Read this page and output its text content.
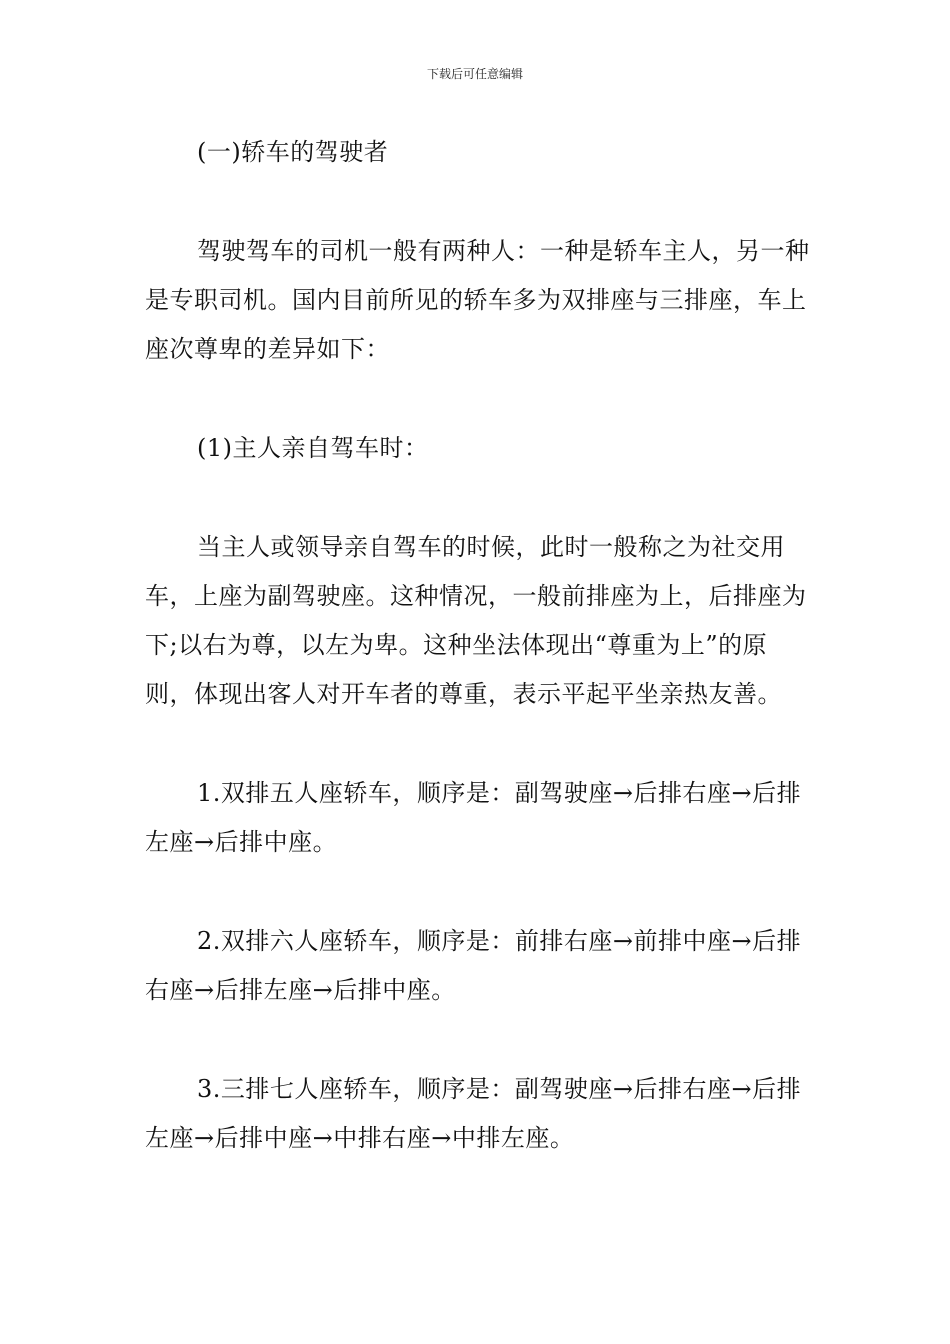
下载后可任意编辑

(一)轿车的驾驶者

驾驶驾车的司机一般有两种人：一种是轿车主人，另一种是专职司机。国内目前所见的轿车多为双排座与三排座，车上座次尊卑的差异如下：

(1)主人亲自驾车时：

当主人或领导亲自驾车的时候，此时一般称之为社交用车，上座为副驾驶座。这种情况，一般前排座为上，后排座为下;以右为尊，以左为卑。这种坐法体现出“尊重为上”的原则，体现出客人对开车者的尊重，表示平起平坐亲热友善。

1.双排五人座轿车，顺序是：副驾驶座→后排右座→后排左座→后排中座。

2.双排六人座轿车，顺序是：前排右座→前排中座→后排右座→后排左座→后排中座。

3.三排七人座轿车，顺序是：副驾驶座→后排右座→后排左座→后排中座→中排右座→中排左座。
